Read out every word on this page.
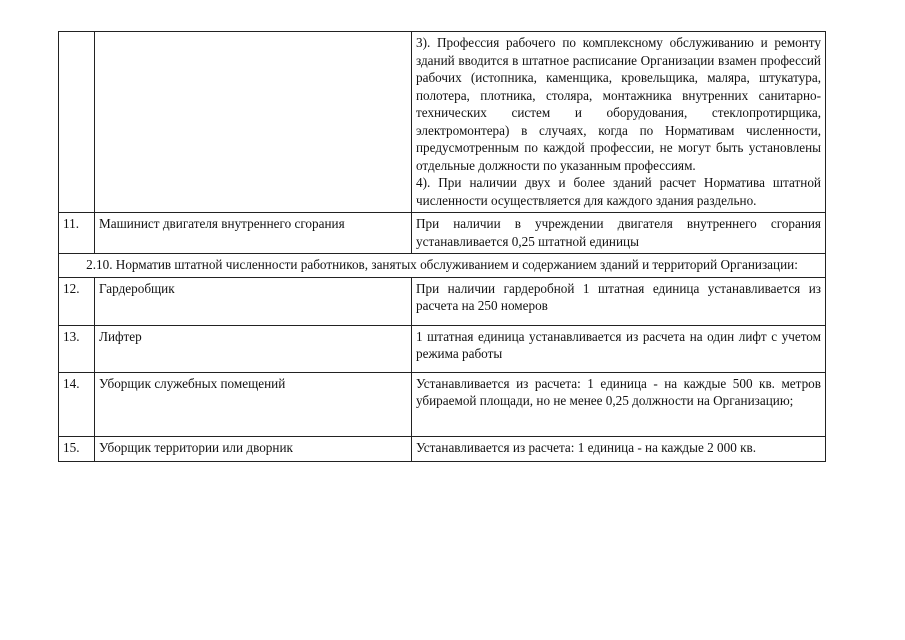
		3). Профессия рабочего по комплексному обслуживанию и ремонту зданий вводится в штатное расписание Организации взамен профессий рабочих (истопника, каменщика, кровельщика, маляра, штукатура, полотера, плотника, столяра, монтажника внутренних санитарно-технических систем и оборудования, стеклопротирщика, электромонтера) в случаях, когда по Нормативам численности, предусмотренным по каждой профессии, не могут быть установлены отдельные должности по указанным профессиям.

4). При наличии двух и более зданий расчет Норматива штатной численности осуществляется для каждого здания раздельно.

11.	Машинист двигателя внутреннего сгорания	При наличии в учреждении двигателя внутреннего сгорания устанавливается 0,25 штатной единицы
2.10. Норматив штатной численности работников, занятых обслуживанием и содержанием зданий и территорий Организации:		
12.	Гардеробщик	При наличии гардеробной 1 штатная единица устанавливается из расчета на 250 номеров
13.	Лифтер	1 штатная единица устанавливается из расчета на один лифт с учетом режима работы
14.	Уборщик служебных помещений	Устанавливается из расчета: 1 единица - на каждые 500 кв. метров убираемой площади, но не менее 0,25 должности на Организацию;
15.	Уборщик территории или дворник	Устанавливается из расчета: 1 единица - на каждые 2 000 кв.
